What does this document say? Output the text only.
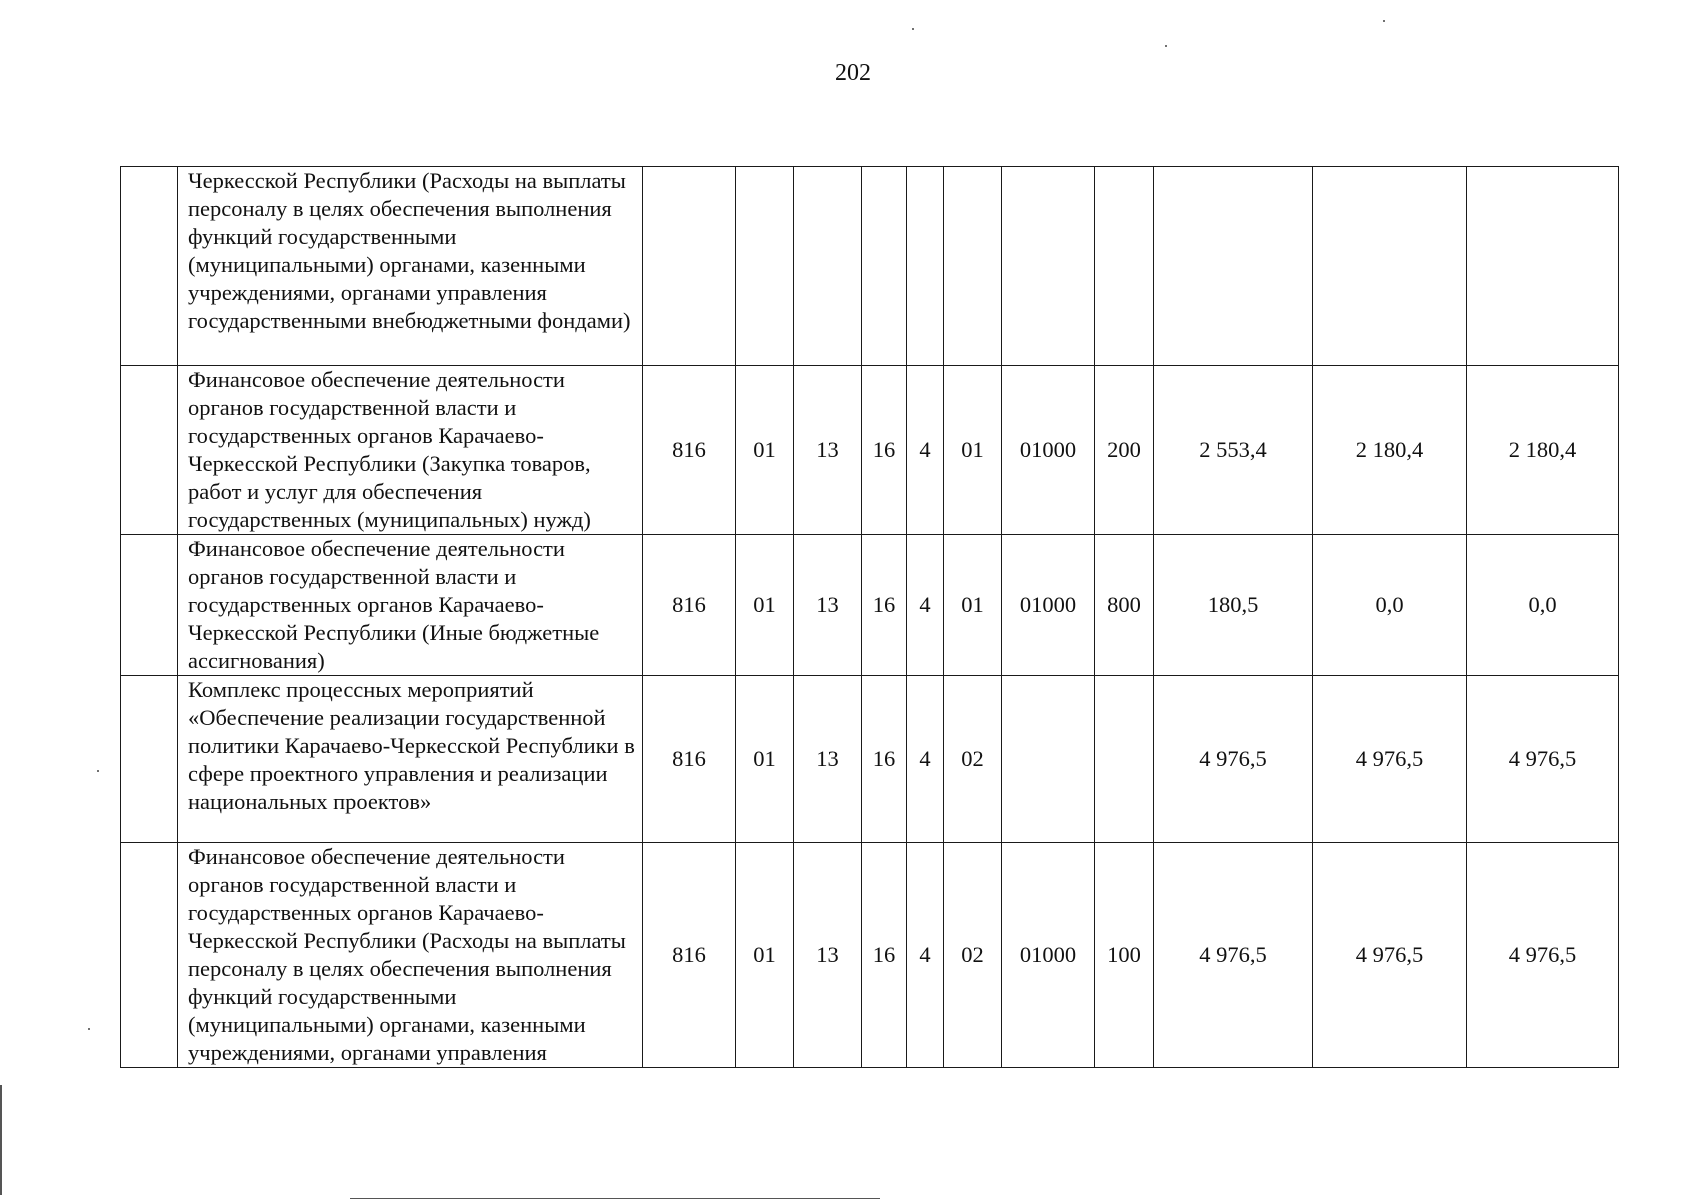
202
	Черкесской Республики (Расходы на выплаты персоналу в целях обеспечения выполнения функций государственными (муниципальными) органами, казенными учреждениями, органами управления государственными внебюджетными фондами)											
	Финансовое обеспечение деятельности органов государственной власти и государственных органов Карачаево-Черкесской Республики (Закупка товаров, работ и услуг для обеспечения государственных (муниципальных) нужд)	816	01	13	16	4	01	01000	200	2 553,4	2 180,4	2 180,4
	Финансовое обеспечение деятельности органов государственной власти и государственных органов Карачаево-Черкесской Республики (Иные бюджетные ассигнования)	816	01	13	16	4	01	01000	800	180,5	0,0	0,0
	Комплекс процессных мероприятий «Обеспечение реализации государственной политики Карачаево-Черкесской Республики в сфере проектного управления и реализации национальных проектов»	816	01	13	16	4	02			4 976,5	4 976,5	4 976,5
	Финансовое обеспечение деятельности органов государственной власти и государственных органов Карачаево-Черкесской Республики (Расходы на выплаты персоналу в целях обеспечения выполнения функций государственными (муниципальными) органами, казенными учреждениями, органами управления	816	01	13	16	4	02	01000	100	4 976,5	4 976,5	4 976,5
